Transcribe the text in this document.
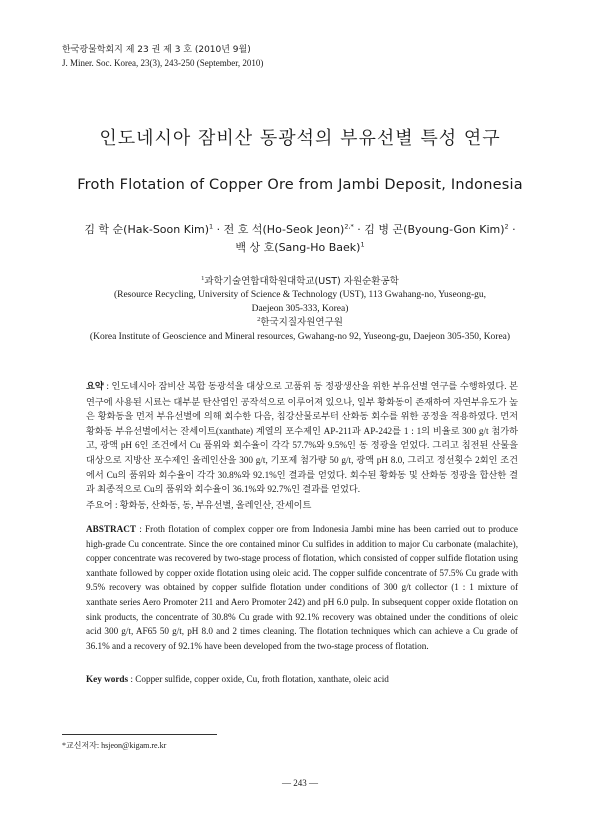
한국광물학회지 제 23 권 제 3 호 (2010년 9월)
J. Miner. Soc. Korea, 23(3), 243-250 (September, 2010)
인도네시아 잠비산 동광석의 부유선별 특성 연구
Froth Flotation of Copper Ore from Jambi Deposit, Indonesia
김 학 순(Hak-Soon Kim)$^1$ · 전 호 석(Ho-Seok Jeon)$^{2,*}$ · 김 병 곤(Byoung-Gon Kim)$^2$ ·
백 상 호(Sang-Ho Baek)$^1$
$^1$과학기술연합대학원대학교(UST) 자원순환공학
(Resource Recycling, University of Science & Technology (UST), 113 Gwahang-no, Yuseong-gu,
Daejeon 305-333, Korea)
$^2$한국지질자원연구원
(Korea Institute of Geoscience and Mineral resources, Gwahang-no 92, Yuseong-gu, Daejeon 305-350, Korea)
요약 : 인도네시아 잠비산 복합 동광석을 대상으로 고품위 동 정광생산을 위한 부유선별 연구를 수행하였다. 본 연구에 사용된 시료는 대부분 탄산염인 공작석으로 이루어져 있으나, 일부 황화동이 존재하여 자연부유도가 높은 황화동을 먼저 부유선별에 의해 회수한 다음, 침강산물로부터 산화동 회수를 위한 공정을 적용하였다. 먼저 황화동 부유선별에서는 잔세이트(xanthate) 계열의 포수제인 AP-211과 AP-242를 1 : 1의 비율로 300 g/t 첨가하고, 광액 pH 6인 조건에서 Cu 품위와 회수율이 각각 57.7%와 9.5%인 동 정광을 얻었다. 그리고 침전된 산물을 대상으로 지방산 포수제인 올레인산을 300 g/t, 기포제 첨가량 50 g/t, 광액 pH 8.0, 그리고 정선횟수 2회인 조건에서 Cu의 품위와 회수율이 각각 30.8%와 92.1%인 결과를 얻었다. 회수된 황화동 및 산화동 정광을 합산한 결과 최종적으로 Cu의 품위와 회수율이 36.1%와 92.7%인 결과를 얻었다.
주요어 : 황화동, 산화동, 동, 부유선별, 올레인산, 잔세이트
ABSTRACT : Froth flotation of complex copper ore from Indonesia Jambi mine has been carried out to produce high-grade Cu concentrate. Since the ore contained minor Cu sulfides in addition to major Cu carbonate (malachite), copper concentrate was recovered by two-stage process of flotation, which consisted of copper sulfide flotation using xanthate followed by copper oxide flotation using oleic acid. The copper sulfide concentrate of 57.5% Cu grade with 9.5% recovery was obtained by copper sulfide flotation under conditions of 300 g/t collector (1 : 1 mixture of xanthate series Aero Promoter 211 and Aero Promoter 242) and pH 6.0 pulp. In subsequent copper oxide flotation on sink products, the concentrate of 30.8% Cu grade with 92.1% recovery was obtained under the conditions of oleic acid 300 g/t, AF65 50 g/t, pH 8.0 and 2 times cleaning. The flotation techniques which can achieve a Cu grade of 36.1% and a recovery of 92.1% have been developed from the two-stage process of flotation.
Key words : Copper sulfide, copper oxide, Cu, froth flotation, xanthate, oleic acid
*교신저자: hsjeon@kigam.re.kr
— 243 —
